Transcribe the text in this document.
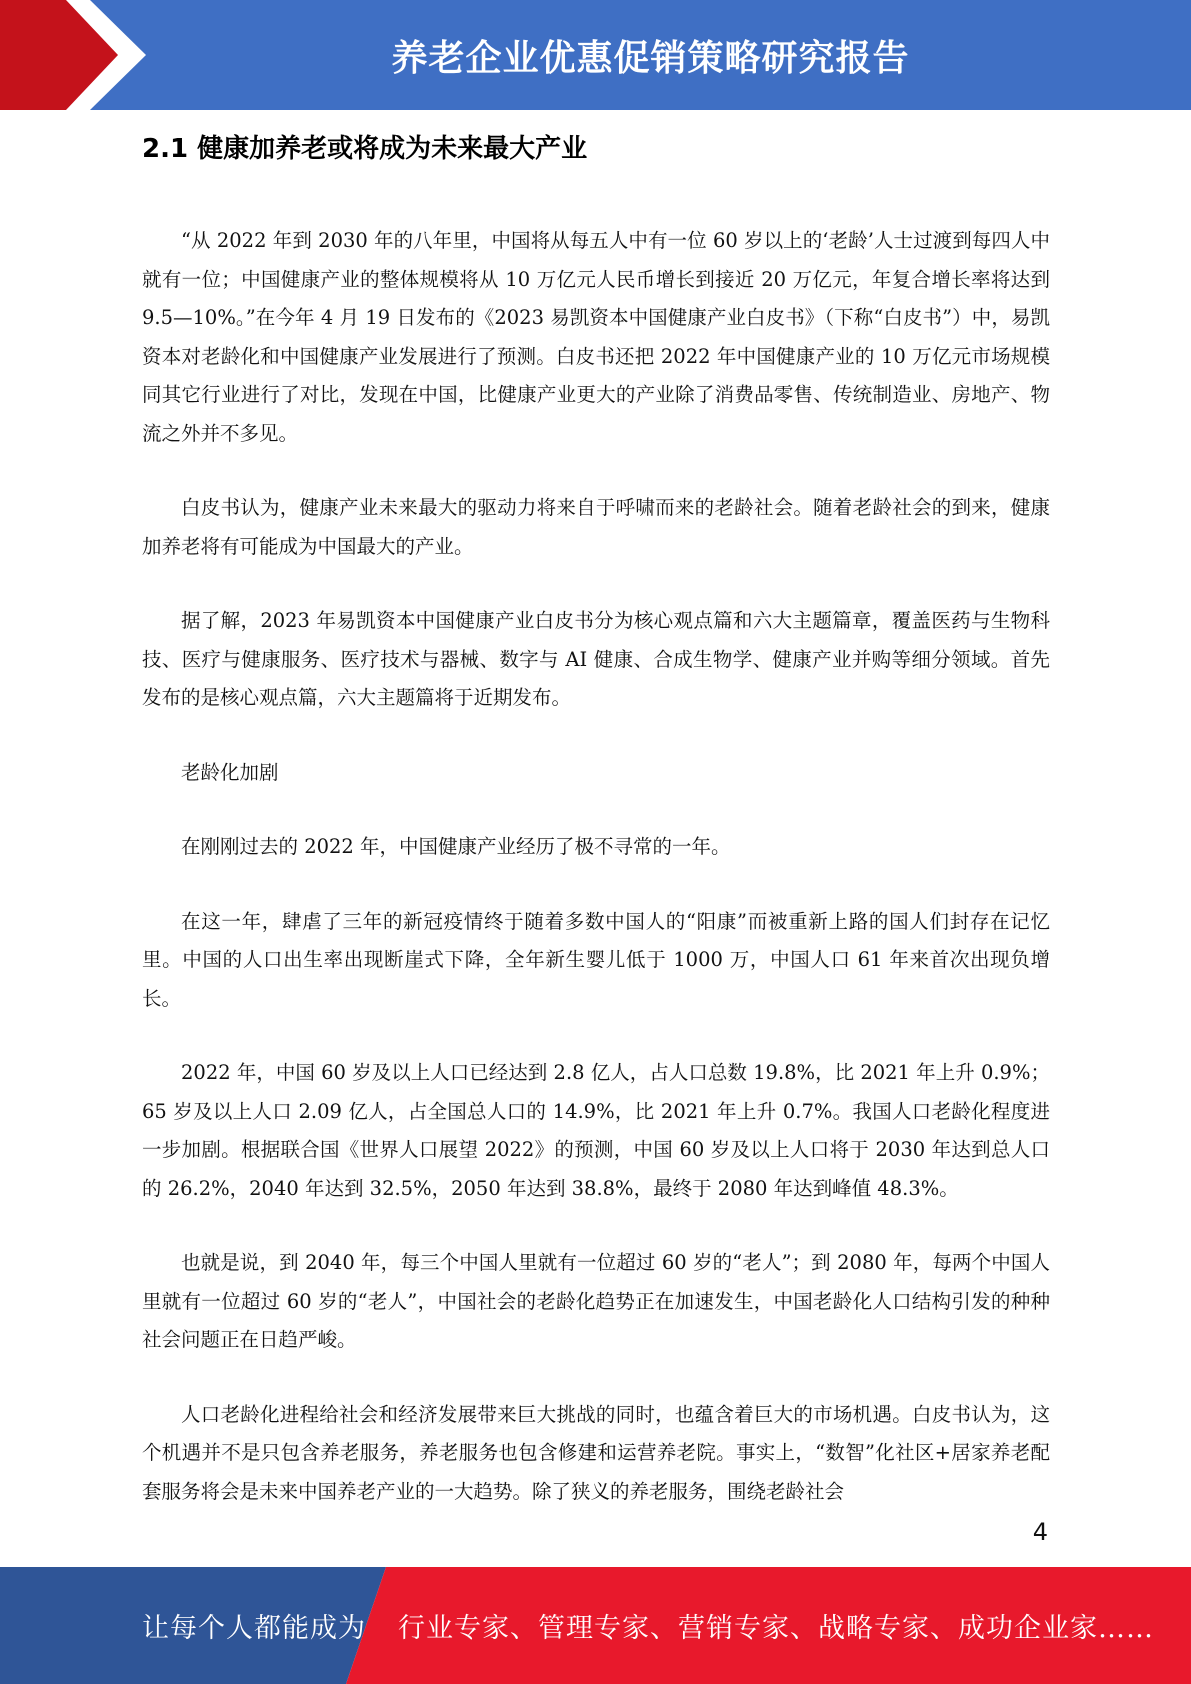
养老企业优惠促销策略研究报告
2.1 健康加养老或将成为未来最大产业

“从 2022 年到 2030 年的八年里，中国将从每五人中有一位 60 岁以上的‘老龄’人士过渡到每四人中就有一位；中国健康产业的整体规模将从 10 万亿元人民币增长到接近 20 万亿元，年复合增长率将达到 9.5—10%。”在今年 4 月 19 日发布的《2023 易凯资本中国健康产业白皮书》（下称“白皮书”）中，易凯资本对老龄化和中国健康产业发展进行了预测。白皮书还把 2022 年中国健康产业的 10 万亿元市场规模同其它行业进行了对比，发现在中国，比健康产业更大的产业除了消费品零售、传统制造业、房地产、物流之外并不多见。

白皮书认为，健康产业未来最大的驱动力将来自于呼啸而来的老龄社会。随着老龄社会的到来，健康加养老将有可能成为中国最大的产业。

据了解，2023 年易凯资本中国健康产业白皮书分为核心观点篇和六大主题篇章，覆盖医药与生物科技、医疗与健康服务、医疗技术与器械、数字与 AI 健康、合成生物学、健康产业并购等细分领域。首先发布的是核心观点篇，六大主题篇将于近期发布。

老龄化加剧

在刚刚过去的 2022 年，中国健康产业经历了极不寻常的一年。

在这一年，肆虐了三年的新冠疫情终于随着多数中国人的“阳康”而被重新上路的国人们封存在记忆里。中国的人口出生率出现断崖式下降，全年新生婴儿低于 1000 万，中国人口 61 年来首次出现负增长。

2022 年，中国 60 岁及以上人口已经达到 2.8 亿人，占人口总数 19.8%，比 2021 年上升 0.9%；65 岁及以上人口 2.09 亿人，占全国总人口的 14.9%，比 2021 年上升 0.7%。我国人口老龄化程度进一步加剧。根据联合国《世界人口展望 2022》的预测，中国 60 岁及以上人口将于 2030 年达到总人口的 26.2%，2040 年达到 32.5%，2050 年达到 38.8%，最终于 2080 年达到峰值 48.3%。

也就是说，到 2040 年，每三个中国人里就有一位超过 60 岁的“老人”；到 2080 年，每两个中国人里就有一位超过 60 岁的“老人”，中国社会的老龄化趋势正在加速发生，中国老龄化人口结构引发的种种社会问题正在日趋严峻。

人口老龄化进程给社会和经济发展带来巨大挑战的同时，也蕴含着巨大的市场机遇。白皮书认为，这个机遇并不是只包含养老服务，养老服务也包含修建和运营养老院。事实上，“数智”化社区+居家养老配套服务将会是未来中国养老产业的一大趋势。除了狭义的养老服务，围绕老龄社会

4
让每个人都能成为 行业专家、管理专家、营销专家、战略专家、成功企业家……
